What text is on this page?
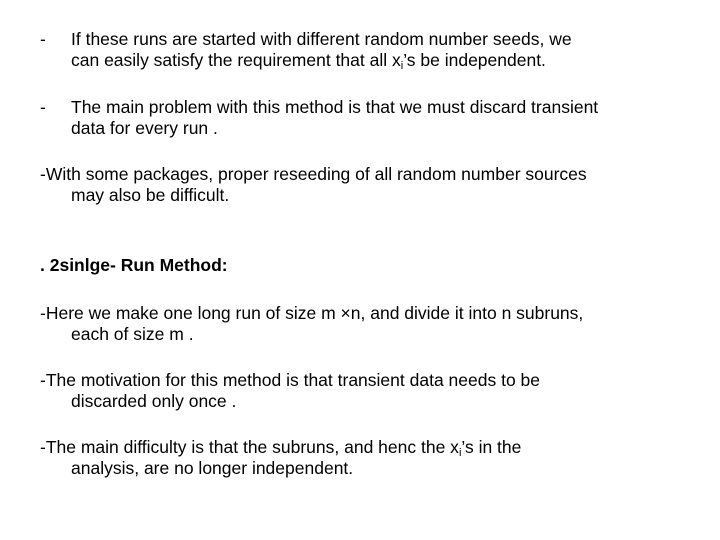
-	If these runs are started with different random number seeds, we
can easily satisfy the requirement that all $x_i’s$ be independent.
-	The main problem with this method is that we must discard transient
data for every run .
-With some packages, proper reseeding of all random number sources
may also be difficult.
. 2sinlge- Run Method:
-Here we make one long run of size m ×n, and divide it into n subruns,
each of size m .
-The motivation for this method is that transient data needs to be
discarded only once .
-The main difficulty is that the subruns, and henc the $x_i’s$ in the
analysis, are no longer independent.
